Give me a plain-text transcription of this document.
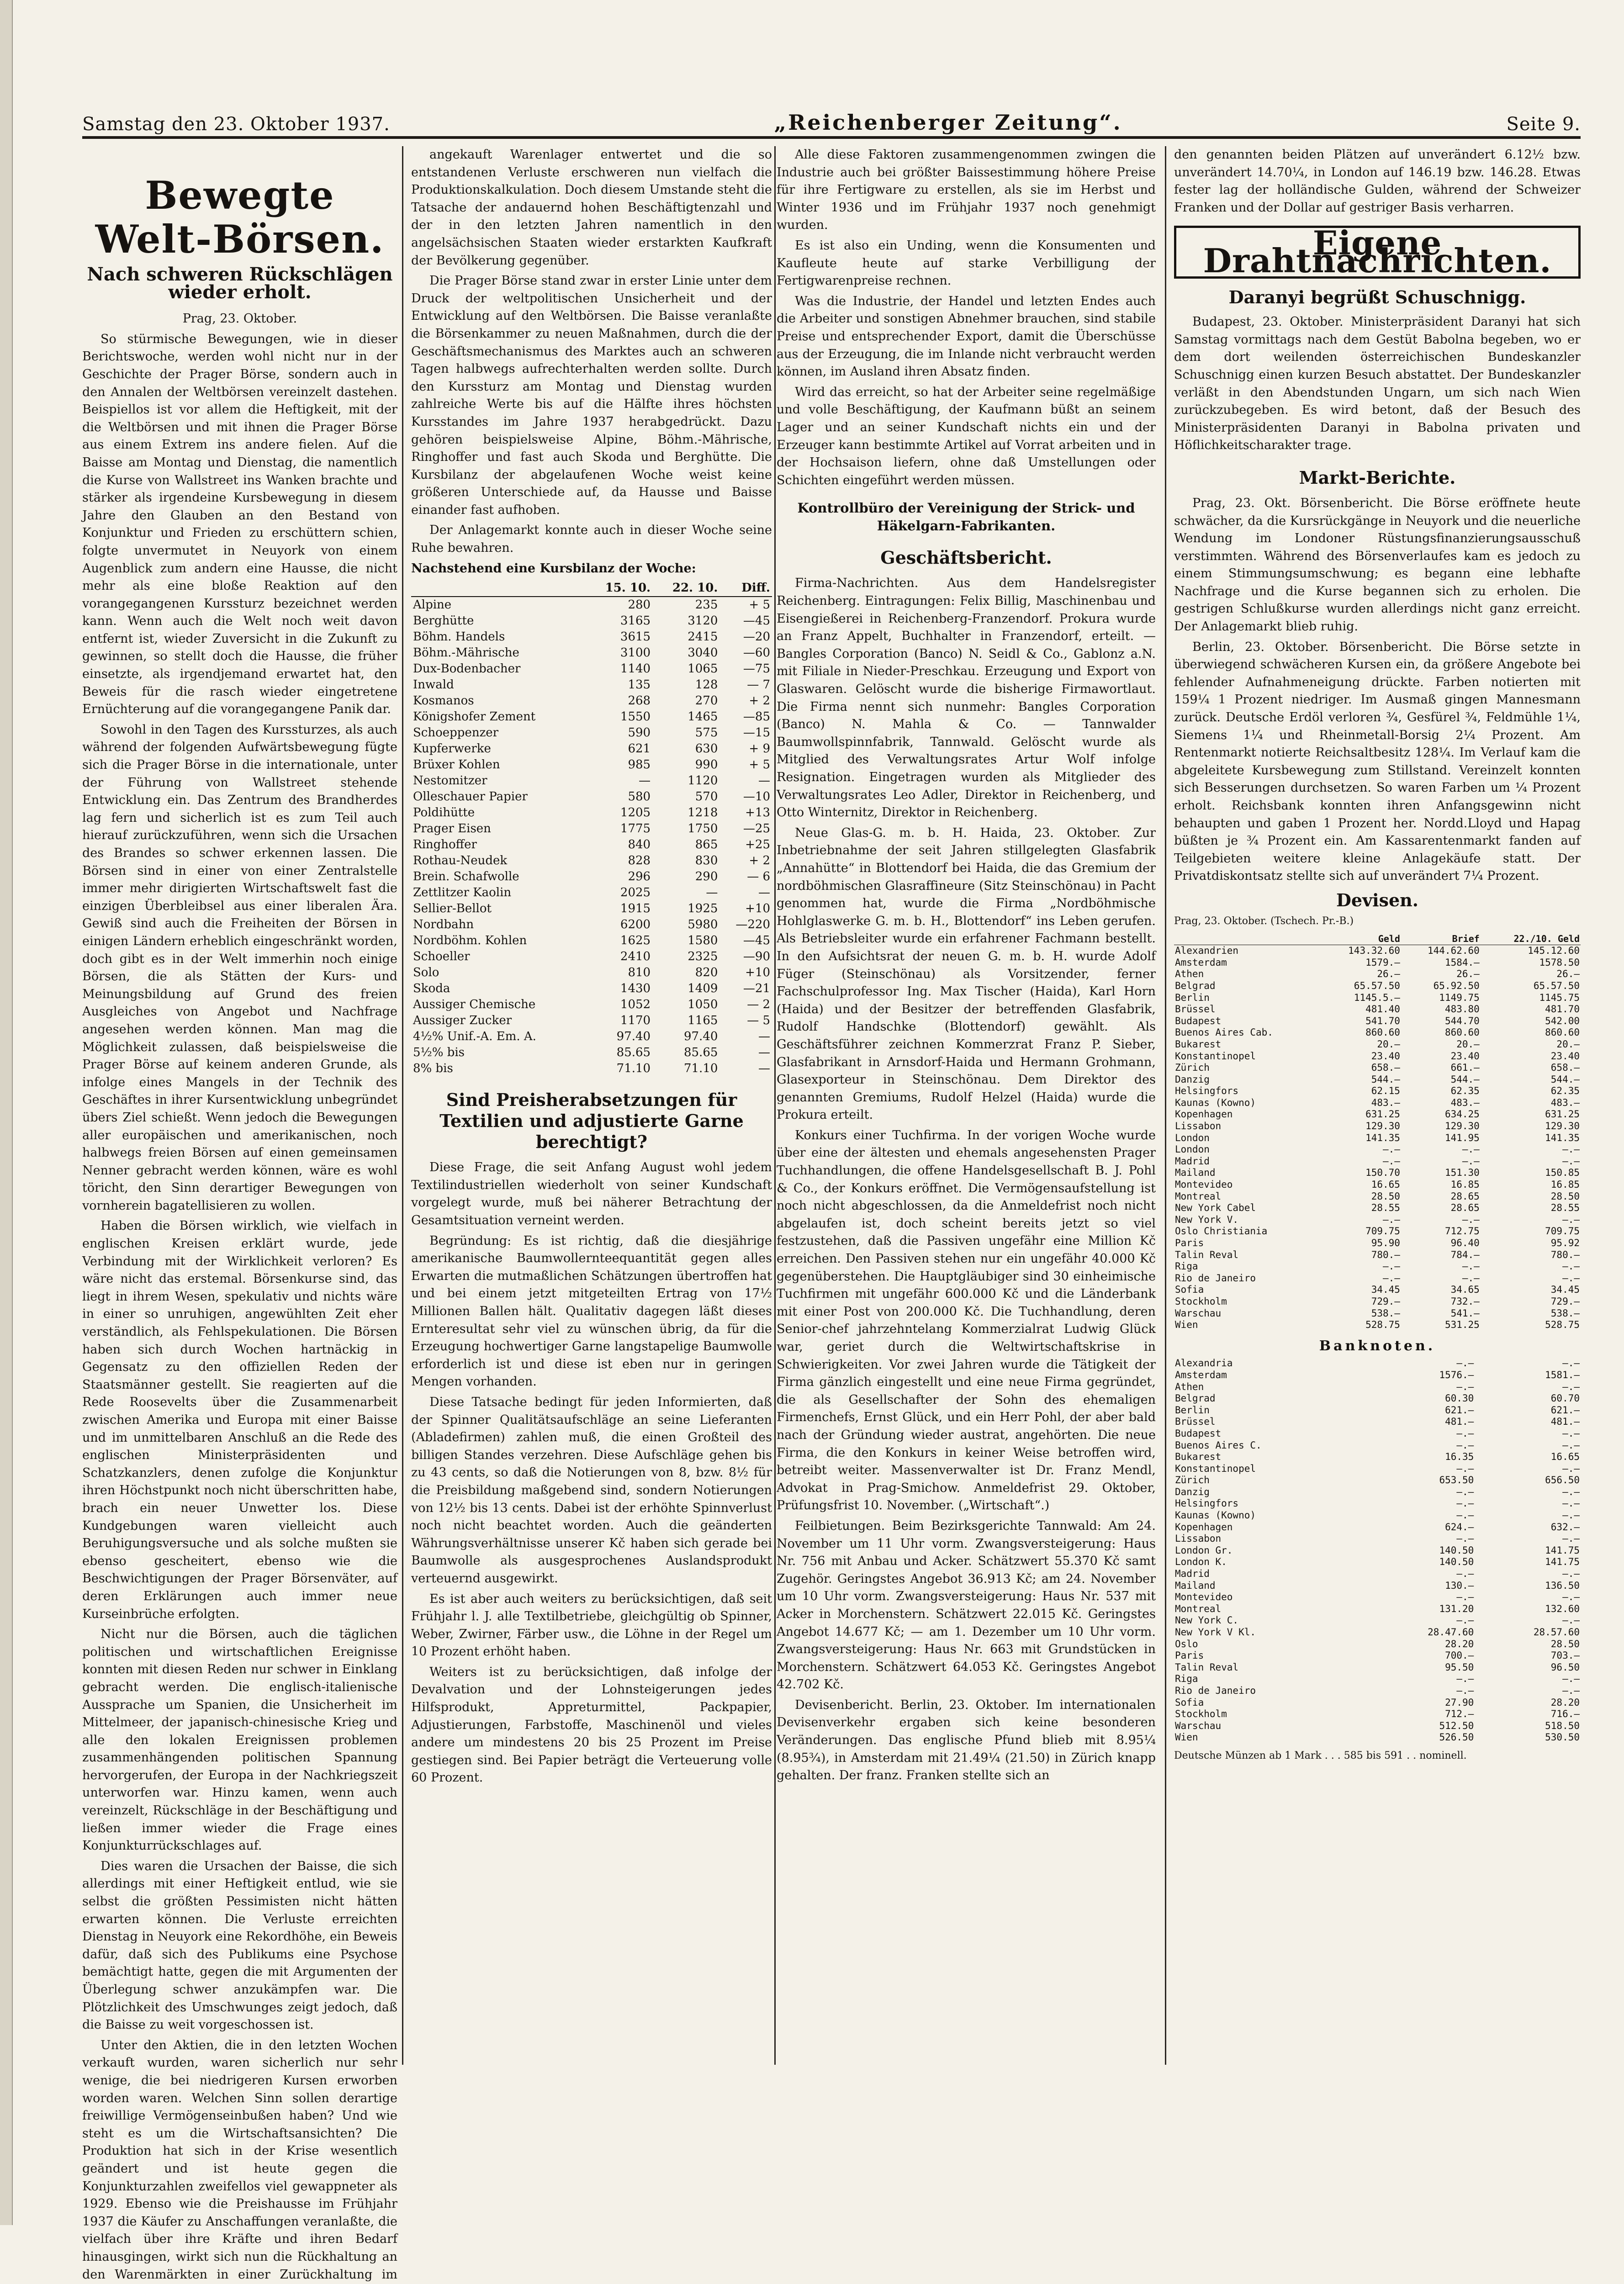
Samstag den 23. Oktober 1937.	„Reichenberger Zeitung“.	Seite 9.
Bewegte Welt-Börsen.
Nach schweren Rückschlägen wieder erholt.

Prag, 23. Oktober.

So stürmische Bewegungen, wie in dieser Berichtswoche, werden wohl nicht nur in der Geschichte der Prager Börse, sondern auch in den Annalen der Weltbörsen vereinzelt dastehen. Beispiellos ist vor allem die Heftigkeit, mit der die Weltbörsen und mit ihnen die Prager Börse aus einem Extrem ins andere fielen. Auf die Baisse am Montag und Dienstag, die namentlich die Kurse von Wallstreet ins Wanken brachte und stärker als irgendeine Kursbewegung in diesem Jahre den Glauben an den Bestand von Konjunktur und Frieden zu erschüttern schien, folgte unvermutet in Neuyork von einem Augenblick zum andern eine Hausse, die nicht mehr als eine bloße Reaktion auf den vorangegangenen Kurssturz bezeichnet werden kann. Wenn auch die Welt noch weit davon entfernt ist, wieder Zuversicht in die Zukunft zu gewinnen, so stellt doch die Hausse, die früher einsetzte, als irgendjemand erwartet hat, den Beweis für die rasch wieder eingetretene Ernüchterung auf die vorangegangene Panik dar.

Sowohl in den Tagen des Kurssturzes, als auch während der folgenden Aufwärtsbewegung fügte sich die Prager Börse in die internationale, unter der Führung von Wallstreet stehende Entwicklung ein. Das Zentrum des Brandherdes lag fern und sicherlich ist es zum Teil auch hierauf zurückzuführen, wenn sich die Ursachen des Brandes so schwer erkennen lassen. Die Börsen sind in einer von einer Zentralstelle immer mehr dirigierten Wirtschaftswelt fast die einzigen Überbleibsel aus einer liberalen Ära. Gewiß sind auch die Freiheiten der Börsen in einigen Ländern erheblich eingeschränkt worden, doch gibt es in der Welt immerhin noch einige Börsen, die als Stätten der Kurs- und Meinungsbildung auf Grund des freien Ausgleiches von Angebot und Nachfrage angesehen werden können. Man mag die Möglichkeit zulassen, daß beispielsweise die Prager Börse auf keinem anderen Grunde, als infolge eines Mangels in der Technik des Geschäftes in ihrer Kursentwicklung unbegründet übers Ziel schießt. Wenn jedoch die Bewegungen aller europäischen und amerikanischen, noch halbwegs freien Börsen auf einen gemeinsamen Nenner gebracht werden können, wäre es wohl töricht, den Sinn derartiger Bewegungen von vornherein bagatellisieren zu wollen.

Haben die Börsen wirklich, wie vielfach in englischen Kreisen erklärt wurde, jede Verbindung mit der Wirklichkeit verloren? Es wäre nicht das erstemal. Börsenkurse sind, das liegt in ihrem Wesen, spekulativ und nichts wäre in einer so unruhigen, angewühlten Zeit eher verständlich, als Fehlspekulationen. Die Börsen haben sich durch Wochen hartnäckig in Gegensatz zu den offiziellen Reden der Staatsmänner gestellt. Sie reagierten auf die Rede Roosevelts über die Zusammenarbeit zwischen Amerika und Europa mit einer Baisse und im unmittelbaren Anschluß an die Rede des englischen Ministerpräsidenten und Schatzkanzlers, denen zufolge die Konjunktur ihren Höchstpunkt noch nicht überschritten habe, brach ein neuer Unwetter los. Diese Kundgebungen waren vielleicht auch Beruhigungsversuche und als solche mußten sie ebenso gescheitert, ebenso wie die Beschwichtigungen der Prager Börsenväter, auf deren Erklärungen auch immer neue Kurseinbrüche erfolgten.

Nicht nur die Börsen, auch die täglichen politischen und wirtschaftlichen Ereignisse konnten mit diesen Reden nur schwer in Einklang gebracht werden. Die englisch-italienische Aussprache um Spanien, die Unsicherheit im Mittelmeer, der japanisch-chinesische Krieg und alle den lokalen Ereignissen problemen zusammenhängenden politischen Spannung hervorgerufen, der Europa in der Nachkriegszeit unterworfen war. Hinzu kamen, wenn auch vereinzelt, Rückschläge in der Beschäftigung und ließen immer wieder die Frage eines Konjunkturrückschlages auf.

Dies waren die Ursachen der Baisse, die sich allerdings mit einer Heftigkeit entlud, wie sie selbst die größten Pessimisten nicht hätten erwarten können. Die Verluste erreichten Dienstag in Neuyork eine Rekordhöhe, ein Beweis dafür, daß sich des Publikums eine Psychose bemächtigt hatte, gegen die mit Argumenten der Überlegung schwer anzukämpfen war. Die Plötzlichkeit des Umschwunges zeigt jedoch, daß die Baisse zu weit vorgeschossen ist.

Unter den Aktien, die in den letzten Wochen verkauft wurden, waren sicherlich nur sehr wenige, die bei niedrigeren Kursen erworben worden waren. Welchen Sinn sollen derartige freiwillige Vermögenseinbußen haben? Und wie steht es um die Wirtschaftsansichten? Die Produktion hat sich in der Krise wesentlich geändert und ist heute gegen die Konjunkturzahlen zweifellos viel gewappneter als 1929. Ebenso wie die Preishausse im Frühjahr 1937 die Käufer zu Anschaffungen veranlaßte, die vielfach über ihre Kräfte und ihren Bedarf hinausgingen, wirkt sich nun die Rückhaltung an den Warenmärkten in einer Zurückhaltung im

angekauft Warenlager entwertet und die so entstandenen Verluste erschweren nun vielfach die Produktionskalkulation. Doch diesem Umstande steht die Tatsache der andauernd hohen Beschäftigtenzahl und der in den letzten Jahren namentlich in den angelsächsischen Staaten wieder erstarkten Kaufkraft der Bevölkerung gegenüber.

Die Prager Börse stand zwar in erster Linie unter dem Druck der weltpolitischen Unsicherheit und der Entwicklung auf den Weltbörsen. Die Baisse veranlaßte die Börsenkammer zu neuen Maßnahmen, durch die der Geschäftsmechanismus des Marktes auch an schweren Tagen halbwegs aufrechterhalten werden sollte. Durch den Kurssturz am Montag und Dienstag wurden zahlreiche Werte bis auf die Hälfte ihres höchsten Kursstandes im Jahre 1937 herabgedrückt. Dazu gehören beispielsweise Alpine, Böhm.-Mährische, Ringhoffer und fast auch Skoda und Berghütte. Die Kursbilanz der abgelaufenen Woche weist keine größeren Unterschiede auf, da Hausse und Baisse einander fast aufhoben.

Der Anlagemarkt konnte auch in dieser Woche seine Ruhe bewahren.

Nachstehend eine Kursbilanz der Woche:

	15. 10.	22. 10.	Diff.
Alpine	280	235	+ 5
Berghütte	3165	3120	—45
Böhm. Handels	3615	2415	—20
Böhm.-Mährische	3100	3040	—60
Dux-Bodenbacher	1140	1065	—75
Inwald	135	128	— 7
Kosmanos	268	270	+ 2
Königshofer Zement	1550	1465	—85
Schoeppenzer	590	575	—15
Kupferwerke	621	630	+ 9
Brüxer Kohlen	985	990	+ 5
Nestomitzer	—	1120	—
Olleschauer Papier	580	570	—10
Poldihütte	1205	1218	+13
Prager Eisen	1775	1750	—25
Ringhoffer	840	865	+25
Rothau-Neudek	828	830	+ 2
Brein. Schafwolle	296	290	— 6
Zettlitzer Kaolin	2025	—	—
Sellier-Bellot	1915	1925	+10
Nordbahn	6200	5980	—220
Nordböhm. Kohlen	1625	1580	—45
Schoeller	2410	2325	—90
Solo	810	820	+10
Skoda	1430	1409	—21
Aussiger Chemische	1052	1050	— 2
Aussiger Zucker	1170	1165	— 5
4½% Unif.-A. Em. A.	97.40	97.40	—
5½% bis	85.65	85.65	—
8% bis	71.10	71.10	—
Sind Preisherabsetzungen für Textilien und adjustierte Garne berechtigt?

Diese Frage, die seit Anfang August wohl jedem Textilindustriellen wiederholt von seiner Kundschaft vorgelegt wurde, muß bei näherer Betrachtung der Gesamtsituation verneint werden.

Begründung: Es ist richtig, daß die diesjährige amerikanische Baumwollernteequantität gegen alles Erwarten die mutmaßlichen Schätzungen übertroffen hat und bei einem jetzt mitgeteilten Ertrag von 17½ Millionen Ballen hält. Qualitativ dagegen läßt dieses Ernteresultat sehr viel zu wünschen übrig, da für die Erzeugung hochwertiger Garne langstapelige Baumwolle erforderlich ist und diese ist eben nur in geringen Mengen vorhanden.

Diese Tatsache bedingt für jeden Informierten, daß der Spinner Qualitätsaufschläge an seine Lieferanten (Abladefirmen) zahlen muß, die einen Großteil des billigen Standes verzehren. Diese Aufschläge gehen bis zu 43 cents, so daß die Notierungen von 8, bzw. 8½ für die Preisbildung maßgebend sind, sondern Notierungen von 12½ bis 13 cents. Dabei ist der erhöhte Spinnverlust noch nicht beachtet worden. Auch die geänderten Währungsverhältnisse unserer Kč haben sich gerade bei Baumwolle als ausgesprochenes Auslandsprodukt verteuernd ausgewirkt.

Es ist aber auch weiters zu berücksichtigen, daß seit Frühjahr l. J. alle Textilbetriebe, gleichgültig ob Spinner, Weber, Zwirner, Färber usw., die Löhne in der Regel um 10 Prozent erhöht haben.

Weiters ist zu berücksichtigen, daß infolge der Devalvation und der Lohnsteigerungen jedes Hilfsprodukt, Appreturmittel, Packpapier, Adjustierungen, Farbstoffe, Maschinenöl und vieles andere um mindestens 20 bis 25 Prozent im Preise gestiegen sind. Bei Papier beträgt die Verteuerung volle 60 Prozent.

Alle diese Faktoren zusammengenommen zwingen die Industrie auch bei größter Baissestimmung höhere Preise für ihre Fertigware zu erstellen, als sie im Herbst und Winter 1936 und im Frühjahr 1937 noch genehmigt wurden.

Es ist also ein Unding, wenn die Konsumenten und Kaufleute heute auf starke Verbilligung der Fertigwarenpreise rechnen.

Was die Industrie, der Handel und letzten Endes auch die Arbeiter und sonstigen Abnehmer brauchen, sind stabile Preise und entsprechender Export, damit die Überschüsse aus der Erzeugung, die im Inlande nicht verbraucht werden können, im Ausland ihren Absatz finden.

Wird das erreicht, so hat der Arbeiter seine regelmäßige und volle Beschäftigung, der Kaufmann büßt an seinem Lager und an seiner Kundschaft nichts ein und der Erzeuger kann bestimmte Artikel auf Vorrat arbeiten und in der Hochsaison liefern, ohne daß Umstellungen oder Schichten eingeführt werden müssen.

Kontrollbüro der Vereinigung der Strick- und Häkelgarn-Fabrikanten.
Geschäftsbericht.

Firma-Nachrichten. Aus dem Handelsregister Reichenberg. Eintragungen: Felix Billig, Maschinenbau und Eisengießerei in Reichenberg-Franzendorf. Prokura wurde an Franz Appelt, Buchhalter in Franzendorf, erteilt. — Bangles Corporation (Banco) N. Seidl & Co., Gablonz a.N. mit Filiale in Nieder-Preschkau. Erzeugung und Export von Glaswaren. Gelöscht wurde die bisherige Firmawortlaut. Die Firma nennt sich nunmehr: Bangles Corporation (Banco) N. Mahla & Co. — Tannwalder Baumwollspinnfabrik, Tannwald. Gelöscht wurde als Mitglied des Verwaltungsrates Artur Wolf infolge Resignation. Eingetragen wurden als Mitglieder des Verwaltungsrates Leo Adler, Direktor in Reichenberg, und Otto Winternitz, Direktor in Reichenberg.

Neue Glas-G. m. b. H. Haida, 23. Oktober. Zur Inbetriebnahme der seit Jahren stillgelegten Glasfabrik „Annahütte“ in Blottendorf bei Haida, die das Gremium der nordböhmischen Glasraffineure (Sitz Steinschönau) in Pacht genommen hat, wurde die Firma „Nordböhmische Hohlglaswerke G. m. b. H., Blottendorf“ ins Leben gerufen. Als Betriebsleiter wurde ein erfahrener Fachmann bestellt. In den Aufsichtsrat der neuen G. m. b. H. wurde Adolf Füger (Steinschönau) als Vorsitzender, ferner Fachschulprofessor Ing. Max Tischer (Haida), Karl Horn (Haida) und der Besitzer der betreffenden Glasfabrik, Rudolf Handschke (Blottendorf) gewählt. Als Geschäftsführer zeichnen Kommerzrat Franz P. Sieber, Glasfabrikant in Arnsdorf-Haida und Hermann Grohmann, Glasexporteur in Steinschönau. Dem Direktor des genannten Gremiums, Rudolf Helzel (Haida) wurde die Prokura erteilt.

Konkurs einer Tuchfirma. In der vorigen Woche wurde über eine der ältesten und ehemals angesehensten Prager Tuchhandlungen, die offene Handelsgesellschaft B. J. Pohl & Co., der Konkurs eröffnet. Die Vermögensaufstellung ist noch nicht abgeschlossen, da die Anmeldefrist noch nicht abgelaufen ist, doch scheint bereits jetzt so viel festzustehen, daß die Passiven ungefähr eine Million Kč erreichen. Den Passiven stehen nur ein ungefähr 40.000 Kč gegenüberstehen. Die Hauptgläubiger sind 30 einheimische Tuchfirmen mit ungefähr 600.000 Kč und die Länderbank mit einer Post von 200.000 Kč. Die Tuchhandlung, deren Senior-chef jahrzehntelang Kommerzialrat Ludwig Glück war, geriet durch die Weltwirtschaftskrise in Schwierigkeiten. Vor zwei Jahren wurde die Tätigkeit der Firma gänzlich eingestellt und eine neue Firma gegründet, die als Gesellschafter der Sohn des ehemaligen Firmenchefs, Ernst Glück, und ein Herr Pohl, der aber bald nach der Gründung wieder austrat, angehörten. Die neue Firma, die den Konkurs in keiner Weise betroffen wird, betreibt weiter. Massenverwalter ist Dr. Franz Mendl, Advokat in Prag-Smichow. Anmeldefrist 29. Oktober, Prüfungsfrist 10. November. („Wirtschaft“.)

Feilbietungen. Beim Bezirksgerichte Tannwald: Am 24. November um 11 Uhr vorm. Zwangsversteigerung: Haus Nr. 756 mit Anbau und Acker. Schätzwert 55.370 Kč samt Zugehör. Geringstes Angebot 36.913 Kč; am 24. November um 10 Uhr vorm. Zwangsversteigerung: Haus Nr. 537 mit Acker in Morchenstern. Schätzwert 22.015 Kč. Geringstes Angebot 14.677 Kč; — am 1. Dezember um 10 Uhr vorm. Zwangsversteigerung: Haus Nr. 663 mit Grundstücken in Morchenstern. Schätzwert 64.053 Kč. Geringstes Angebot 42.702 Kč.

Devisenbericht. Berlin, 23. Oktober. Im internationalen Devisenverkehr ergaben sich keine besonderen Veränderungen. Das englische Pfund blieb mit 8.95¼ (8.95¾), in Amsterdam mit 21.49¼ (21.50) in Zürich knapp gehalten. Der franz. Franken stellte sich an

den genannten beiden Plätzen auf unverändert 6.12½ bzw. unverändert 14.70¼, in London auf 146.19 bzw. 146.28. Etwas fester lag der holländische Gulden, während der Schweizer Franken und der Dollar auf gestriger Basis verharren.

Eigene Drahtnachrichten.
Daranyi begrüßt Schuschnigg.

Budapest, 23. Oktober. Ministerpräsident Daranyi hat sich Samstag vormittags nach dem Gestüt Babolna begeben, wo er dem dort weilenden österreichischen Bundeskanzler Schuschnigg einen kurzen Besuch abstattet. Der Bundeskanzler verläßt in den Abendstunden Ungarn, um sich nach Wien zurückzubegeben. Es wird betont, daß der Besuch des Ministerpräsidenten Daranyi in Babolna privaten und Höflichkeitscharakter trage.

Markt-Berichte.

Prag, 23. Okt. Börsenbericht. Die Börse eröffnete heute schwächer, da die Kursrückgänge in Neuyork und die neuerliche Wendung im Londoner Rüstungsfinanzierungsausschuß verstimmten. Während des Börsenverlaufes kam es jedoch zu einem Stimmungsumschwung; es begann eine lebhafte Nachfrage und die Kurse begannen sich zu erholen. Die gestrigen Schlußkurse wurden allerdings nicht ganz erreicht. Der Anlagemarkt blieb ruhig.

Berlin, 23. Oktober. Börsenbericht. Die Börse setzte in überwiegend schwächeren Kursen ein, da größere Angebote bei fehlender Aufnahmeneigung drückte. Farben notierten mit 159¼ 1 Prozent niedriger. Im Ausmaß gingen Mannesmann zurück. Deutsche Erdöl verloren ¾, Gesfürel ¾, Feldmühle 1¼, Siemens 1¼ und Rheinmetall-Borsig 2¼ Prozent. Am Rentenmarkt notierte Reichsaltbesitz 128¼. Im Verlauf kam die abgeleitete Kursbewegung zum Stillstand. Vereinzelt konnten sich Besserungen durchsetzen. So waren Farben um ¼ Prozent erholt. Reichsbank konnten ihren Anfangsgewinn nicht behaupten und gaben 1 Prozent her. Nordd.Lloyd und Hapag büßten je ¾ Prozent ein. Am Kassarentenmarkt fanden auf Teilgebieten weitere kleine Anlagekäufe statt. Der Privatdiskontsatz stellte sich auf unverändert 7¼ Prozent.

Devisen.

Prag, 23. Oktober. (Tschech. Pr.-B.)

	Geld	Brief	22./10. Geld
Alexandrien	143.32.60	144.62.60	145.12.60
Amsterdam	1579.—	1584.—	1578.50
Athen	26.—	26.—	26.—
Belgrad	65.57.50	65.92.50	65.57.50
Berlin	1145.5.—	1149.75	1145.75
Brüssel	481.40	483.80	481.70
Budapest	541.70	544.70	542.00
Buenos Aires Cab.	860.60	860.60	860.60
Bukarest	20.—	20.—	20.—
Konstantinopel	23.40	23.40	23.40
Zürich	658.—	661.—	658.—
Danzig	544.—	544.—	544.—
Helsingfors	62.15	62.35	62.35
Kaunas (Kowno)	483.—	483.—	483.—
Kopenhagen	631.25	634.25	631.25
Lissabon	129.30	129.30	129.30
London	141.35	141.95	141.35
London	—.—	—.—	—.—
Madrid	—.—	—.—	—.—
Mailand	150.70	151.30	150.85
Montevideo	16.65	16.85	16.85
Montreal	28.50	28.65	28.50
New York Cabel	28.55	28.65	28.55
New York V.	—.—	—.—	—.—
Oslo Christiania	709.75	712.75	709.75
Paris	95.90	96.40	95.92
Talin Reval	780.—	784.—	780.—
Riga	—.—	—.—	—.—
Rio de Janeiro	—.—	—.—	—.—
Sofia	34.45	34.65	34.45
Stockholm	729.—	732.—	729.—
Warschau	538.—	541.—	538.—
Wien	528.75	531.25	528.75
Banknoten.
Alexandria	—.—	—.—
Amsterdam	1576.—	1581.—
Athen	—.—	—.—
Belgrad	60.30	60.70
Berlin	621.—	621.—
Brüssel	481.—	481.—
Budapest	—.—	—.—
Buenos Aires C.	—.—	—.—
Bukarest	16.35	16.65
Konstantinopel	—.—	—.—
Zürich	653.50	656.50
Danzig	—.—	—.—
Helsingfors	—.—	—.—
Kaunas (Kowno)	—.—	—.—
Kopenhagen	624.—	632.—
Lissabon	—.—	—.—
London Gr.	140.50	141.75
London K.	140.50	141.75
Madrid	—.—	—.—
Mailand	130.—	136.50
Montevideo	—.—	—.—
Montreal	131.20	132.60
New York C.	—.—	—.—
New York V Kl.	28.47.60	28.57.60
Oslo	28.20	28.50
Paris	700.—	703.—
Talin Reval	95.50	96.50
Riga	—.—	—.—
Rio de Janeiro	—.—	—.—
Sofia	27.90	28.20
Stockholm	712.—	716.—
Warschau	512.50	518.50
Wien	526.50	530.50

Deutsche Münzen ab 1 Mark . . . 585 bis 591 . . nominell.
